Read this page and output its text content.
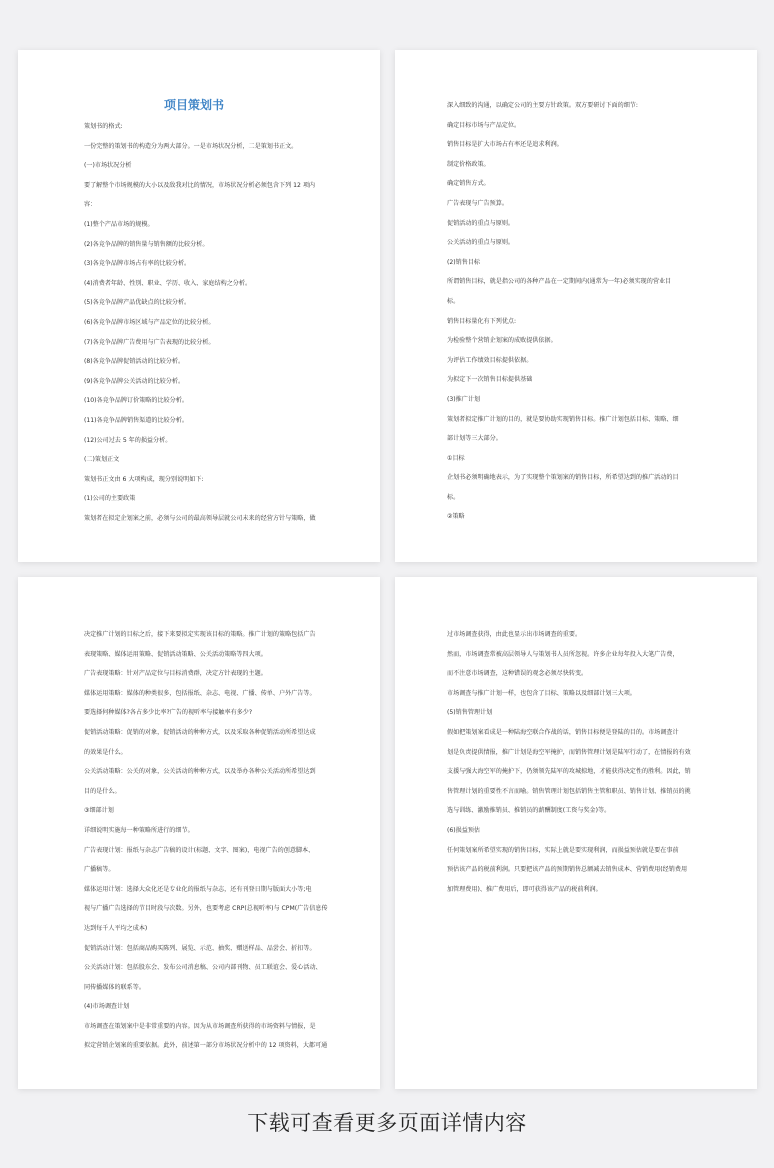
项目策划书

策划书的格式:

一份完整的策划书的构造分为两大部分。一是市场状况分析，二是策划书正文。

(一)市场状况分析

要了解整个市场规模的大小以及敌我对比的情况，市场状况分析必须包含下列 12 项内

容：

(1)整个产品市场的规模。

(2)各竞争品牌的销售量与销售额的比较分析。

(3)各竞争品牌市场占有率的比较分析。

(4)消费者年龄、性别、职业、学历、收入、家庭结构之分析。

(5)各竞争品牌产品优缺点的比较分析。

(6)各竞争品牌市场区域与产品定位的比较分析。

(7)各竞争品牌广告费用与广告表现的比较分析。

(8)各竞争品牌促销活动的比较分析。

(9)各竞争品牌公关活动的比较分析。

(10)各竞争品牌订价策略的比较分析。

(11)各竞争品牌销售渠道的比较分析。

(12)公司过去 5 年的损益分析。

(二)策划正文

策划书正文由 6 大项构成，现分别说明如下:

(1)公司的主要政策

策划者在拟定企划案之前，必须与公司的最高领导层就公司未来的经营方针与策略，做

深入细致的沟通，以确定公司的主要方针政策。双方要研讨下面的细节:

确定目标市场与产品定位。

销售目标是扩大市场占有率还是追求利润。

制定价格政策。

确定销售方式。

广告表现与广告预算。

促销活动的重点与原则。

公关活动的重点与原则。

(2)销售目标

所谓销售目标，就是指公司的各种产品在一定期间内(通常为一年)必须实现的营业目

标。

销售目标量化有下列优点:

为检验整个营销企划案的成败提供依据。

为评估工作绩效目标提供依据。

为拟定下一次销售目标提供基础

(3)推广计划

策划者拟定推广计划的目的，就是要协助实现销售目标。推广计划包括目标、策略、细

部计划等三大部分。

①目标

企划书必须明确地表示，为了实现整个策划案的销售目标，所希望达到的推广活动的目

标。

②策略

决定推广计划的目标之后，接下来要拟定实现该目标的策略。推广计划的策略包括广告

表现策略、媒体运用策略、促销活动策略、公关活动策略等四大项。

广告表现策略：针对产品定位与目标消费群，决定方针表现的主题。

媒体运用策略：媒体的种类很多，包括报纸、杂志、电视、广播、传单、户外广告等。

要选择何种媒体?各占多少比率?广告的视听率与接触率有多少?

促销活动策略：促销的对象，促销活动的种种方式，以及采取各种促销活动所希望达成

的效果是什么。

公关活动策略：公关的对象，公关活动的种种方式，以及举办各种公关活动所希望达到

目的是什么。

③细部计划

详细说明实施每一种策略所进行的细节。

广告表现计划：报纸与杂志广告稿的设计(标题、文字、图案)，电视广告的创意脚本、

广播稿等。

媒体运用计划：选择大众化还是专业化的报纸与杂志，还有刊登日期与版面大小等;电

视与广播广告选择的节目时段与次数。另外，也要考虑 CRP(总视听率)与 CPM(广告信息传

达到每千人平均之成本)

促销活动计划：包括商品购买陈列、展览、示范、抽奖、赠送样品、品尝会、折扣等。

公关活动计划：包括股东会、发布公司消息稿、公司内部刊物、员工联谊会、爱心活动、

同传播媒体的联系等。

(4)市场调查计划

市场调查在策划案中是非常重要的内容。因为从市场调查所获得的市场资料与情报，是

拟定营销企划案的重要依据。此外，前述第一部分市场状况分析中的 12 项资料，大都可通

过市场调查获得，由此也显示出市场调查的重要。

然而，市场调查常被高层领导人与策划书人员所忽视。许多企业每年投入大笔广告费，

而不注意市场调查，这种错误的观念必须尽快转变。

市场调查与推广计划一样，也包含了目标、策略以及细部计划三大项。

(5)销售管理计划

假如把策划案看成是一种陆海空联合作战的话，销售目标便是登陆的目的。市场调查计

划是负责提供情报，推广计划是海空军掩护，而销售管理计划是陆军行动了，在情报的有效

支援与强大海空军的掩护下，仍须领先陆军的攻城掠地，才能获得决定性的胜利。因此，销

售管理计划的重要性不言而喻。销售管理计划包括销售主管和职员、销售计划、推销员的挑

选与训练、激励推销员、推销员的薪酬制度(工资与奖金)等。

(6)损益预估

任何策划案所希望实现的销售目标，实际上就是要实现利润，而损益预估就是要在事前

预估该产品的税前利润。只要把该产品的预期销售总额减去销售成本、营销费用(经销费用

加管理费用)、推广费用后，即可获得该产品的税前利润。

下载可查看更多页面详情内容
